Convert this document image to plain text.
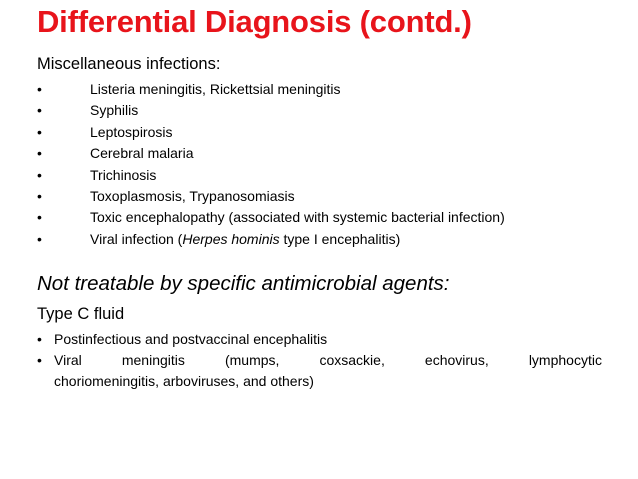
Differential Diagnosis (contd.)
Miscellaneous infections:
•	Listeria meningitis, Rickettsial meningitis
•	Syphilis
•	Leptospirosis
•	Cerebral malaria
•	Trichinosis
•	Toxoplasmosis, Trypanosomiasis
•	Toxic encephalopathy (associated with systemic bacterial infection)
•	Viral infection (Herpes hominis type I encephalitis)
Not treatable by specific antimicrobial agents:
Type C fluid
• Postinfectious and postvaccinal encephalitis
• Viral	meningitis	(mumps,	coxsackie,	echovirus,	lymphocytic
choriomeningitis, arboviruses, and others)
